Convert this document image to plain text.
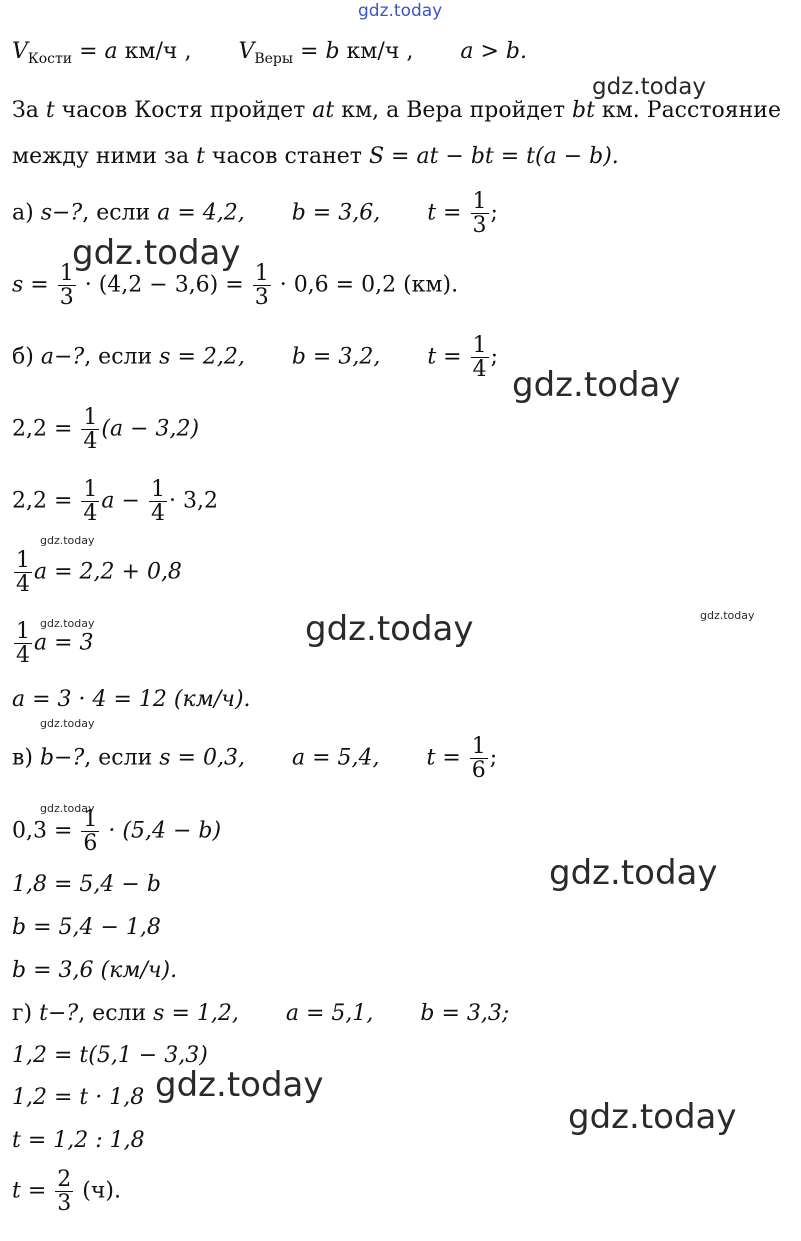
gdz.today
gdz.today
gdz.today
gdz.today
gdz.today
gdz.today
gdz.today
gdz.today
gdz.today
gdz.today
gdz.today
gdz.today
gdz.today
$V_{Кости} = a$ км/ч , $V_{Веры} = b$ км/ч , a > b.
За t часов Костя пройдет at км, а Вера пройдет bt км. Расстояние между ними за t часов станет S = at − bt = t(a − b).
а) s−?, если a = 4,2, b = 3,6, $t = \frac{1}{3}$ ;
$s = \frac{1}{3} \cdot (4,2 - 3,6) = \frac{1}{3} \cdot 0,6 = 0,2$ (км).
б) a−?, если s = 2,2, b = 3,2, $t = \frac{1}{4}$ ;
$2,2 = \frac{1}{4} (a - 3,2)$
$2,2 = \frac{1}{4}$ $a - \frac{1}{4} \cdot 3,2$
$\frac{1}{4}$ a = 2,2 + 0,8
$\frac{1}{4}$ a = 3
a = 3 · 4 = 12 (км/ч).
в) b−?, если s = 0,3, a = 5,4, $t = \frac{1}{6}$ ;
$0,3 = \frac{1}{6} \cdot (5,4 - b)$
1,8 = 5,4 − b
b = 5,4 − 1,8
b = 3,6 (км/ч).
г) t−?, если s = 1,2, a = 5,1, b = 3,3;
1,2 = t(5,1 − 3,3)
1,2 = t · 1,8
t = 1,2 : 1,8
$t = \frac{2}{3} (ч)$.
